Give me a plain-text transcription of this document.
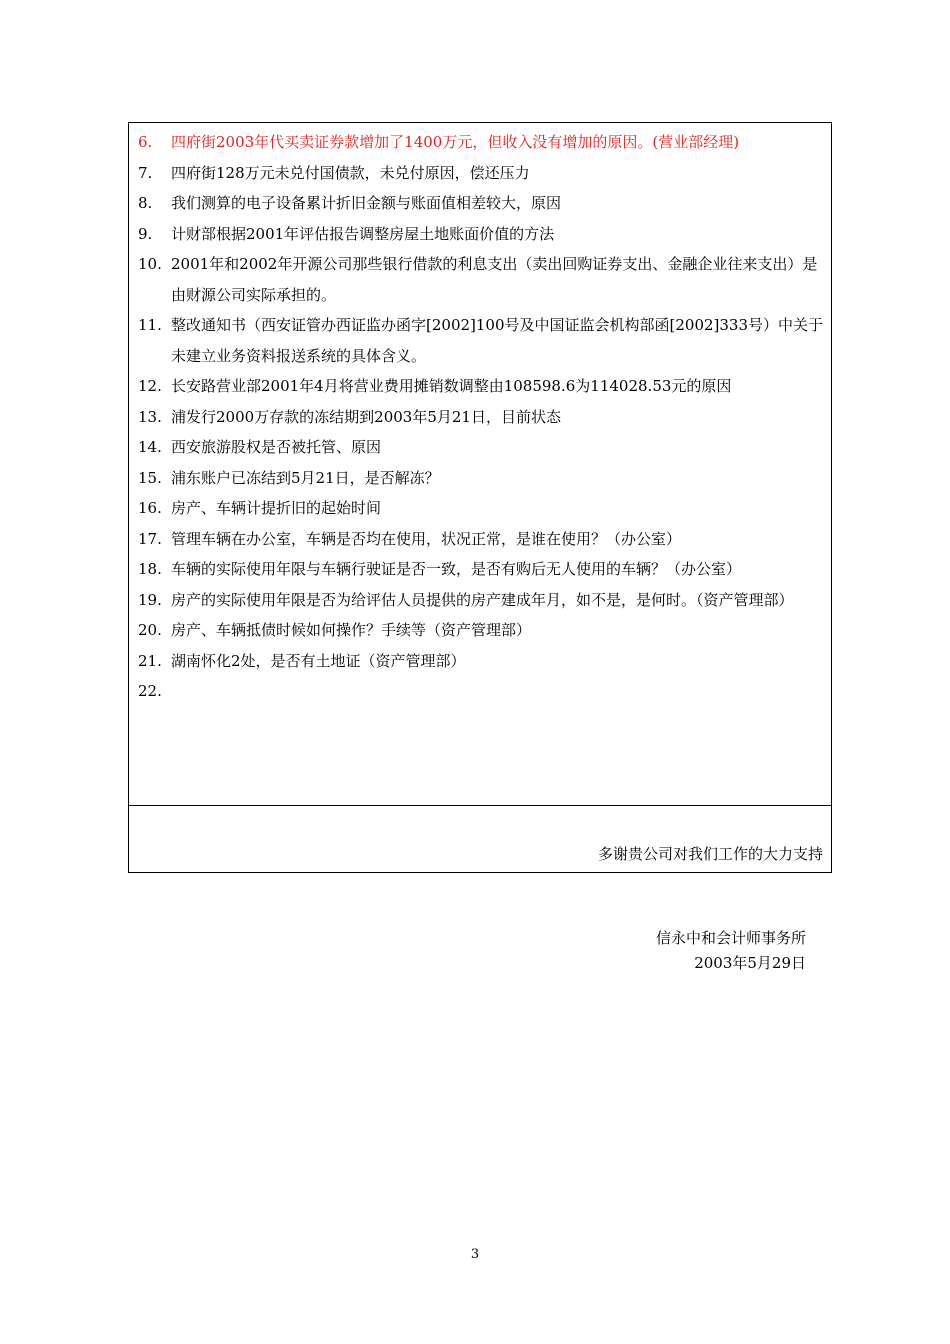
6. 四府街2003年代买卖证券款增加了1400万元，但收入没有增加的原因。(营业部经理)
7. 四府街128万元未兑付国债款，未兑付原因，偿还压力
8. 我们测算的电子设备累计折旧金额与账面值相差较大，原因
9. 计财部根据2001年评估报告调整房屋土地账面价值的方法
10. 2001年和2002年开源公司那些银行借款的利息支出（卖出回购证券支出、金融企业往来支出）是由财源公司实际承担的。
11. 整改通知书（西安证管办西证监办函字[2002]100号及中国证监会机构部函[2002]333号）中关于未建立业务资料报送系统的具体含义。
12. 长安路营业部2001年4月将营业费用摊销数调整由108598.6为114028.53元的原因
13. 浦发行2000万存款的冻结期到2003年5月21日，目前状态
14. 西安旅游股权是否被托管、原因
15. 浦东账户已冻结到5月21日，是否解冻？
16. 房产、车辆计提折旧的起始时间
17. 管理车辆在办公室，车辆是否均在使用，状况正常，是谁在使用？（办公室）
18. 车辆的实际使用年限与车辆行驶证是否一致，是否有购后无人使用的车辆？（办公室）
19. 房产的实际使用年限是否为给评估人员提供的房产建成年月，如不是，是何时。（资产管理部）
20. 房产、车辆抵债时候如何操作？手续等（资产管理部）
21. 湖南怀化2处，是否有土地证（资产管理部）
22.
多谢贵公司对我们工作的大力支持
信永中和会计师事务所
2003年5月29日
3
